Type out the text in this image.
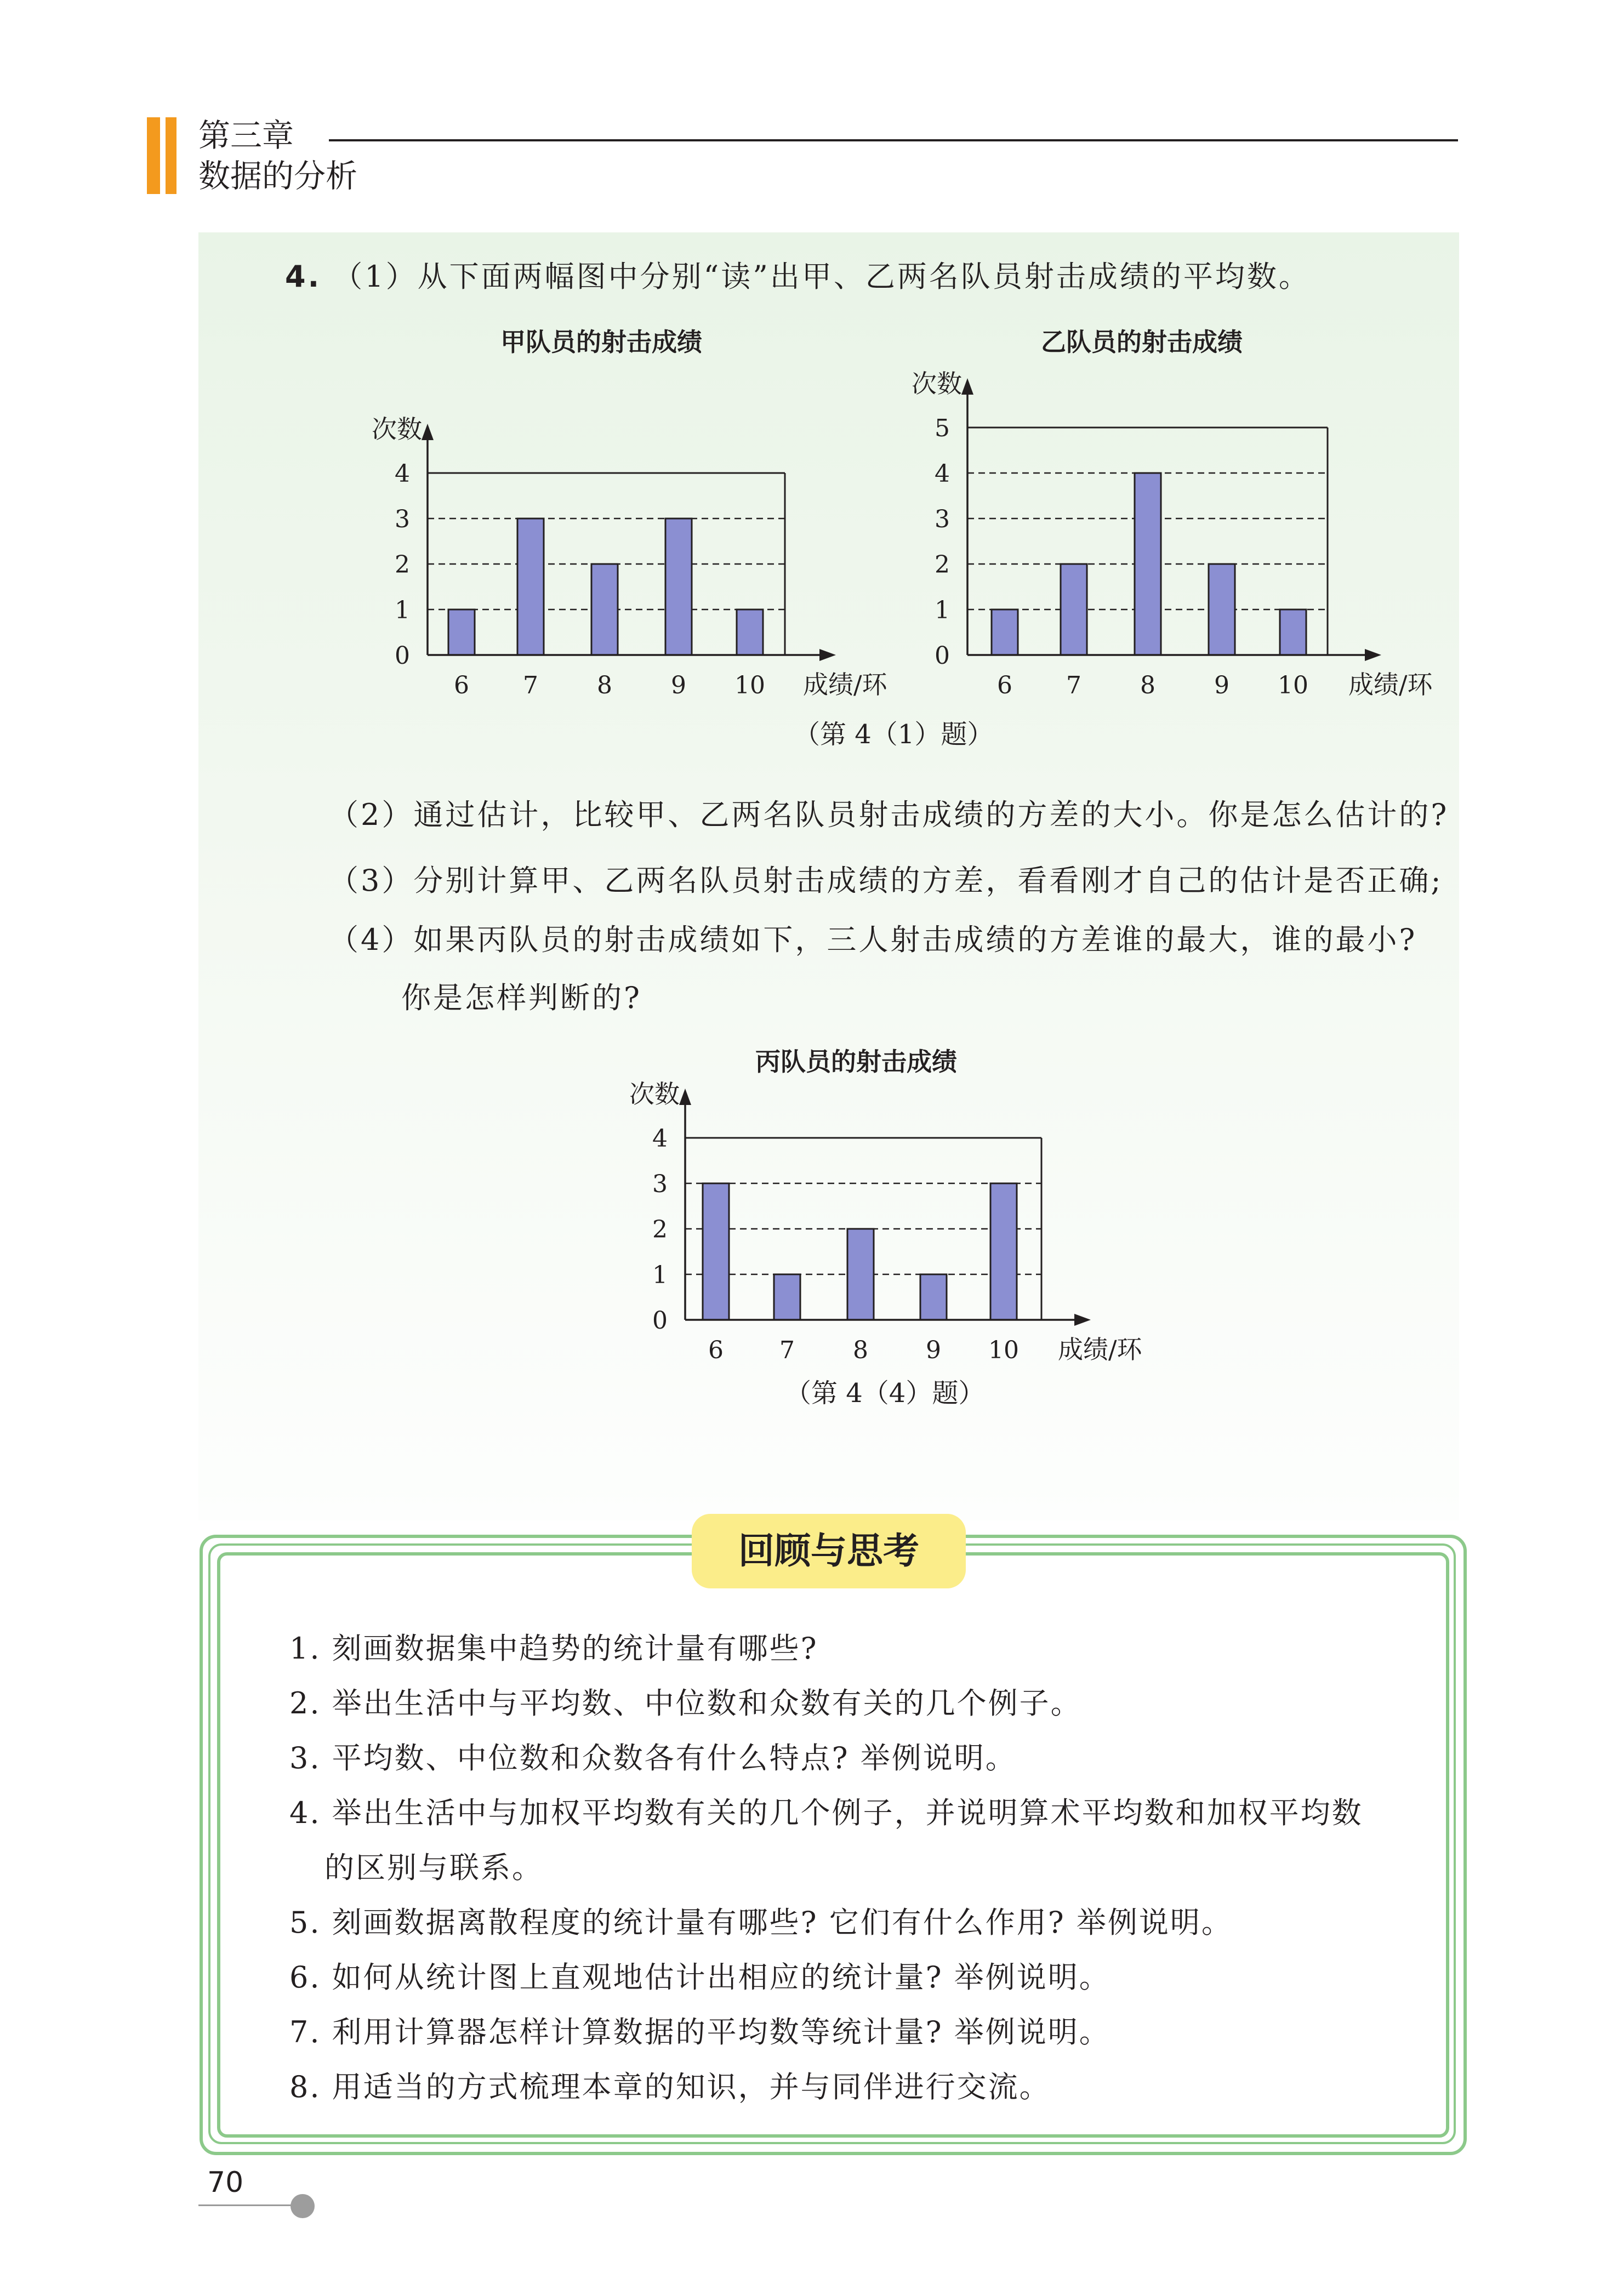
第三章
数据的分析
4. （1）从下面两幅图中分别“读”出甲、乙两名队员射击成绩的平均数。
甲队员的射击成绩
0
1
2
3
4
6 7 8 9 10
次数
成绩/环
乙队员的射击成绩
0
1
2
3
4
5
6 7 8 9 10
次数
成绩/环
（第 4（1）题）
（2）通过估计，比较甲、乙两名队员射击成绩的方差的大小。你是怎么估计的?
（3）分别计算甲、乙两名队员射击成绩的方差，看看刚才自己的估计是否正确;
（4）如果丙队员的射击成绩如下，三人射击成绩的方差谁的最大，谁的最小?
你是怎样判断的?
丙队员的射击成绩
0
1
2
3
4
6 7 8 9 10
次数
成绩/环
（第 4（4）题）
回顾与思考
1. 刻画数据集中趋势的统计量有哪些?
2. 举出生活中与平均数、中位数和众数有关的几个例子。
3. 平均数、中位数和众数各有什么特点? 举例说明。
4. 举出生活中与加权平均数有关的几个例子，并说明算术平均数和加权平均数
的区别与联系。
5. 刻画数据离散程度的统计量有哪些? 它们有什么作用? 举例说明。
6. 如何从统计图上直观地估计出相应的统计量? 举例说明。
7. 利用计算器怎样计算数据的平均数等统计量? 举例说明。
8. 用适当的方式梳理本章的知识，并与同伴进行交流。
70
